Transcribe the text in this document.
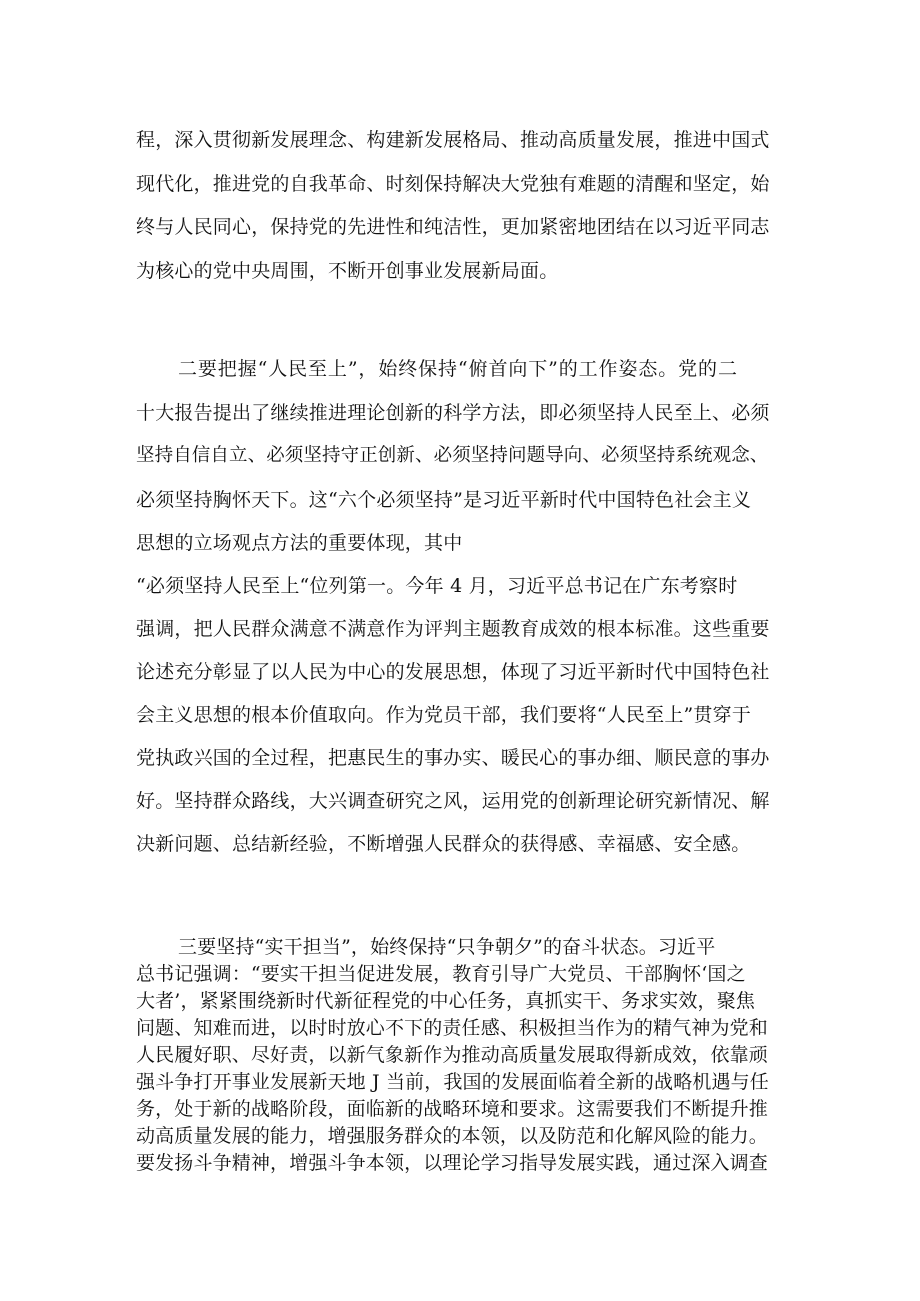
程，深入贯彻新发展理念、构建新发展格局、推动高质量发展，推进中国式
现代化，推进党的自我革命、时刻保持解决大党独有难题的清醒和坚定，始
终与人民同心，保持党的先进性和纯洁性，更加紧密地团结在以习近平同志
为核心的党中央周围，不断开创事业发展新局面。
二要把握“人民至上”，始终保持“俯首向下”的工作姿态。党的二
十大报告提出了继续推进理论创新的科学方法，即必须坚持人民至上、必须
坚持自信自立、必须坚持守正创新、必须坚持问题导向、必须坚持系统观念、
必须坚持胸怀天下。这“六个必须坚持”是习近平新时代中国特色社会主义
思想的立场观点方法的重要体现，其中
“必须坚持人民至上“位列第一。今年 4 月，习近平总书记在广东考察时
强调，把人民群众满意不满意作为评判主题教育成效的根本标准。这些重要
论述充分彰显了以人民为中心的发展思想，体现了习近平新时代中国特色社
会主义思想的根本价值取向。作为党员干部，我们要将“人民至上”贯穿于
党执政兴国的全过程，把惠民生的事办实、暖民心的事办细、顺民意的事办
好。坚持群众路线，大兴调查研究之风，运用党的创新理论研究新情况、解
决新问题、总结新经验，不断增强人民群众的获得感、幸福感、安全感。
三要坚持“实干担当”，始终保持“只争朝夕”的奋斗状态。习近平
总书记强调：“要实干担当促进发展，教育引导广大党员、干部胸怀‘国之
大者’，紧紧围绕新时代新征程党的中心任务，真抓实干、务求实效，聚焦
问题、知难而进，以时时放心不下的责任感、积极担当作为的精气神为党和
人民履好职、尽好责，以新气象新作为推动高质量发展取得新成效，依靠顽
强斗争打开事业发展新天地 J 当前，我国的发展面临着全新的战略机遇与任
务，处于新的战略阶段，面临新的战略环境和要求。这需要我们不断提升推
动高质量发展的能力，增强服务群众的本领，以及防范和化解风险的能力。
要发扬斗争精神，增强斗争本领，以理论学习指导发展实践，通过深入调查
